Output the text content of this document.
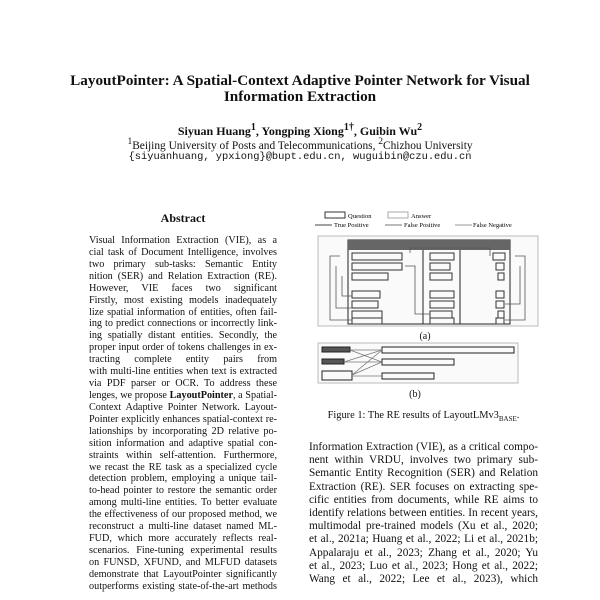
LayoutPointer: A Spatial-Context Adaptive Pointer Network for Visual
Information Extraction
Siyuan Huang$^1$, Yongping Xiong$^{1\dagger}$, Guibin Wu$^2$
$^1$Beijing University of Posts and Telecommunications, $^2$Chizhou University
{siyuanhuang, ypxiong}@bupt.edu.cn, wuguibin@czu.edu.cn
Abstract
Visual Information Extraction (VIE), as a
cial task of Document Intelligence, involves
two primary sub-tasks: Semantic Entity
nition (SER) and Relation Extraction (RE).
However, VIE faces two significant
Firstly, most existing models inadequately
lize spatial information of entities, often fail-
ing to predict connections or incorrectly link-
ing spatially distant entities. Secondly, the
proper input order of tokens challenges in ex-
tracting complete entity pairs from
with multi-line entities when text is extracted
via PDF parser or OCR. To address these
lenges, we propose LayoutPointer, a Spatial-
Context Adaptive Pointer Network. Layout-
Pointer explicitly enhances spatial-context re-
lationships by incorporating 2D relative po-
sition information and adaptive spatial con-
straints within self-attention. Furthermore,
we recast the RE task as a specialized cycle
detection problem, employing a unique tail-
to-head pointer to restore the semantic order
among multi-line entities. To better evaluate
the effectiveness of our proposed method, we
reconstruct a multi-line dataset named ML-
FUD, which more accurately reflects real-
scenarios. Fine-tuning experimental results
on FUNSD, XFUND, and MLFUD datasets
demonstrate that LayoutPointer significantly
outperforms existing state-of-the-art methods
Question	Answer
True Positive	False Positive	False Negative
(a)
(b)
Figure 1: The RE results of $LayoutLMv3_{BASE}$.
Information Extraction (VIE), as a critical compo-
nent within VRDU, involves two primary sub-
Semantic Entity Recognition (SER) and Relation
Extraction (RE). SER focuses on extracting spe-
cific entities from documents, while RE aims to
identify relations between entities. In recent years,
multimodal pre-trained models (Xu et al., 2020;
et al., 2021a; Huang et al., 2022; Li et al., 2021b;
Appalaraju et al., 2023; Zhang et al., 2020; Yu
et al., 2023; Luo et al., 2023; Hong et al., 2022;
Wang et al., 2022; Lee et al., 2023), which
